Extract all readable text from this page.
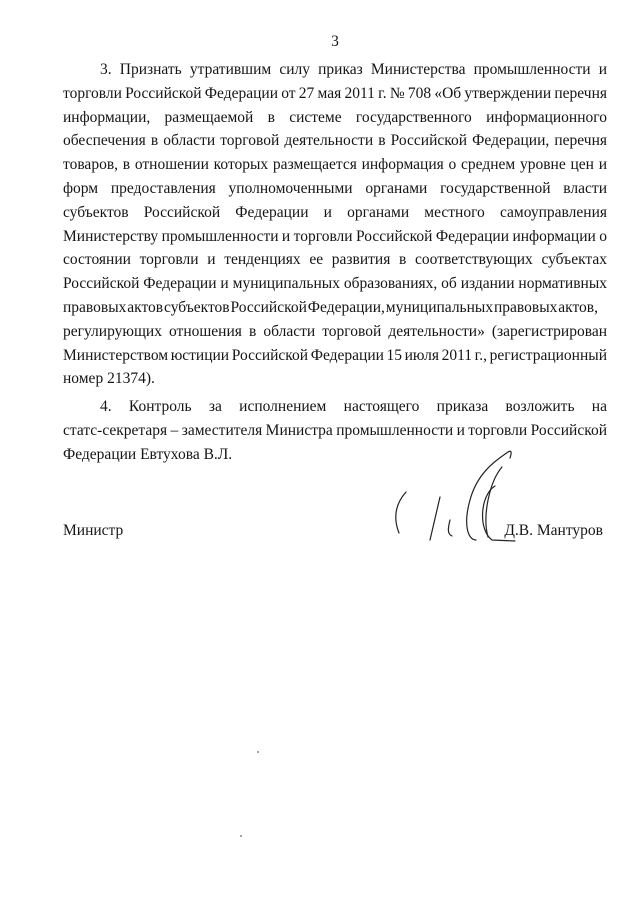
3
3. Признать утратившим силу приказ Министерства промышленности и
торговли Российской Федерации от 27 мая 2011 г. № 708 «Об утверждении перечня
информации, размещаемой в системе государственного информационного
обеспечения в области торговой деятельности в Российской Федерации, перечня
товаров, в отношении которых размещается информация о среднем уровне цен и
форм предоставления уполномоченными органами государственной власти
субъектов Российской Федерации и органами местного самоуправления
Министерству промышленности и торговли Российской Федерации информации о
состоянии торговли и тенденциях ее развития в соответствующих субъектах
Российской Федерации и муниципальных образованиях, об издании нормативных
правовых актов субъектов Российской Федерации, муниципальных правовых актов,
регулирующих отношения в области торговой деятельности» (зарегистрирован
Министерством юстиции Российской Федерации 15 июля 2011 г., регистрационный
номер 21374).
4. Контроль за исполнением настоящего приказа возложить на
статс-секретаря – заместителя Министра промышленности и торговли Российской
Федерации Евтухова В.Л.
Министр	Д.В. Мантуров
